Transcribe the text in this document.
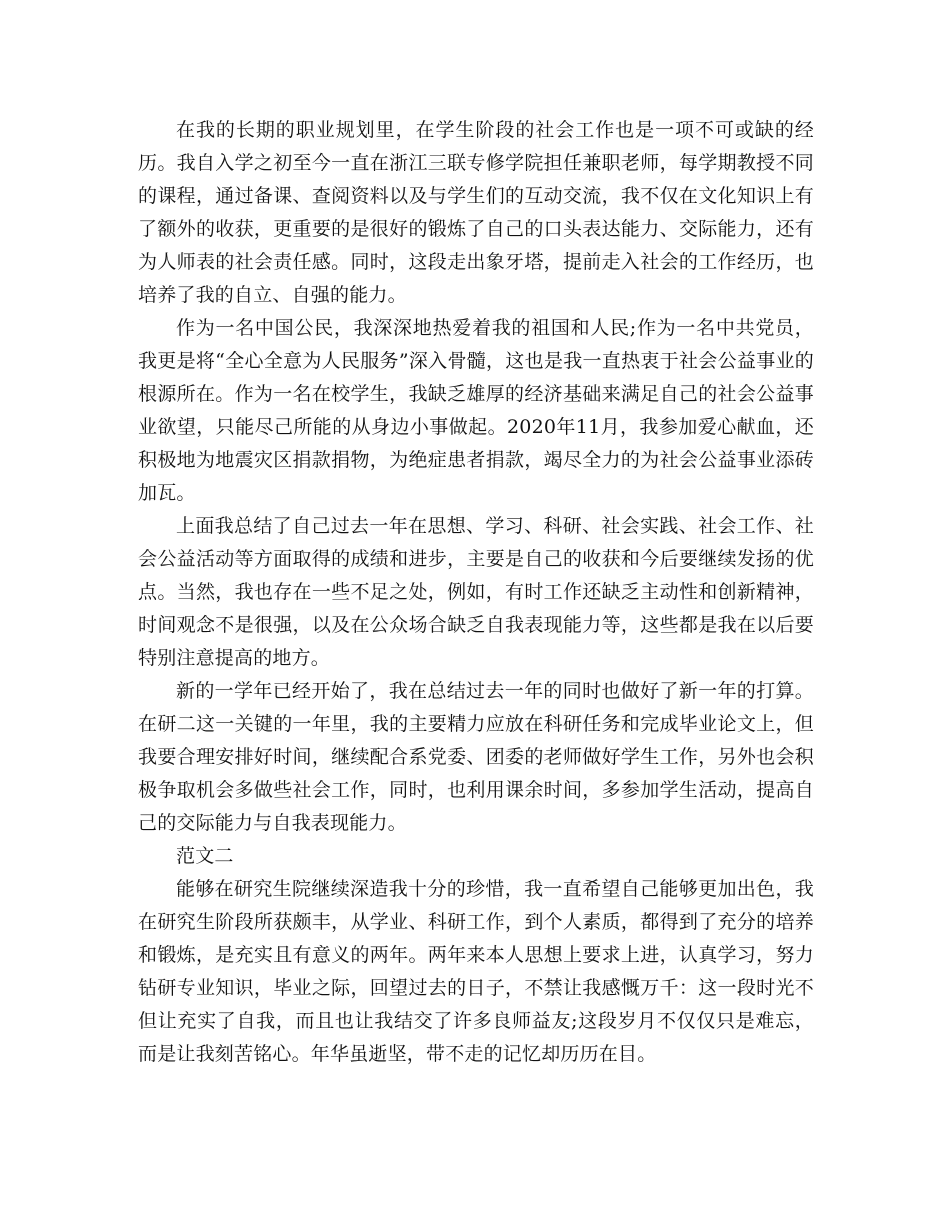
在我的长期的职业规划里，在学生阶段的社会工作也是一项不可或缺的经历。我自入学之初至今一直在浙江三联专修学院担任兼职老师，每学期教授不同的课程，通过备课、查阅资料以及与学生们的互动交流，我不仅在文化知识上有了额外的收获，更重要的是很好的锻炼了自己的口头表达能力、交际能力，还有为人师表的社会责任感。同时，这段走出象牙塔，提前走入社会的工作经历，也培养了我的自立、自强的能力。

作为一名中国公民，我深深地热爱着我的祖国和人民;作为一名中共党员，我更是将“全心全意为人民服务”深入骨髓，这也是我一直热衷于社会公益事业的根源所在。作为一名在校学生，我缺乏雄厚的经济基础来满足自己的社会公益事业欲望，只能尽己所能的从身边小事做起。2020年11月，我参加爱心献血，还积极地为地震灾区捐款捐物，为绝症患者捐款，竭尽全力的为社会公益事业添砖加瓦。

上面我总结了自己过去一年在思想、学习、科研、社会实践、社会工作、社会公益活动等方面取得的成绩和进步，主要是自己的收获和今后要继续发扬的优点。当然，我也存在一些不足之处，例如，有时工作还缺乏主动性和创新精神，时间观念不是很强，以及在公众场合缺乏自我表现能力等，这些都是我在以后要特别注意提高的地方。

新的一学年已经开始了，我在总结过去一年的同时也做好了新一年的打算。在研二这一关键的一年里，我的主要精力应放在科研任务和完成毕业论文上，但我要合理安排好时间，继续配合系党委、团委的老师做好学生工作，另外也会积极争取机会多做些社会工作，同时，也利用课余时间，多参加学生活动，提高自己的交际能力与自我表现能力。

范文二

能够在研究生院继续深造我十分的珍惜，我一直希望自己能够更加出色，我在研究生阶段所获颇丰，从学业、科研工作，到个人素质，都得到了充分的培养和锻炼，是充实且有意义的两年。两年来本人思想上要求上进，认真学习，努力钻研专业知识，毕业之际，回望过去的日子，不禁让我感慨万千：这一段时光不但让充实了自我，而且也让我结交了许多良师益友;这段岁月不仅仅只是难忘，而是让我刻苦铭心。年华虽逝坚，带不走的记忆却历历在目。
